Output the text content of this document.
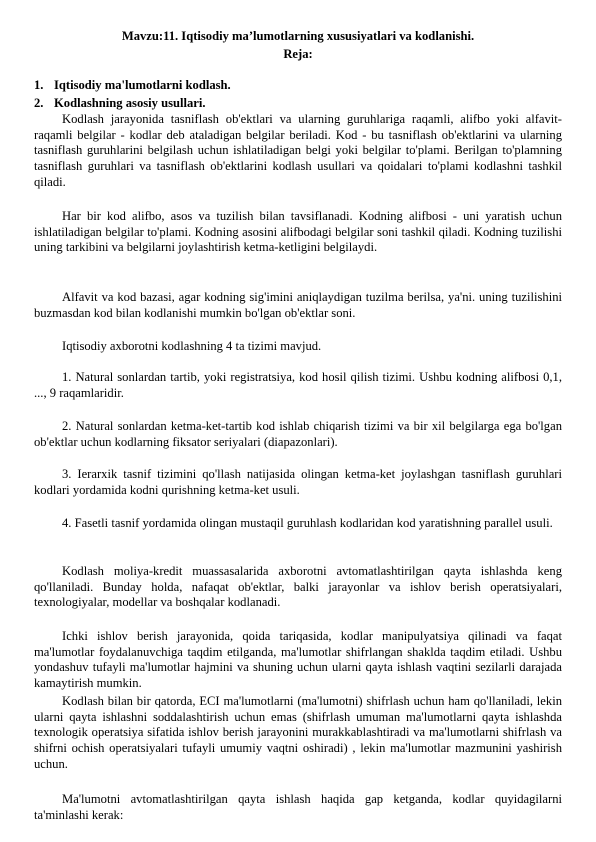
Mavzu:11. Iqtisodiy maʼlumotlarning xususiyatlari va kodlanishi.
Reja:
1. Iqtisodiy ma'lumotlarni kodlash.
2. Kodlashning asosiy usullari.

Kodlash jarayonida tasniflash ob'ektlari va ularning guruhlariga raqamli, alifbo yoki alfavit-raqamli belgilar - kodlar deb ataladigan belgilar beriladi. Kod - bu tasniflash ob'ektlarini va ularning tasniflash guruhlarini belgilash uchun ishlatiladigan belgi yoki belgilar to'plami. Berilgan to'plamning tasniflash guruhlari va tasniflash ob'ektlarini kodlash usullari va qoidalari to'plami kodlashni tashkil qiladi.

Har bir kod alifbo, asos va tuzilish bilan tavsiflanadi. Kodning alifbosi - uni yaratish uchun ishlatiladigan belgilar to'plami. Kodning asosini alifbodagi belgilar soni tashkil qiladi. Kodning tuzilishi uning tarkibini va belgilarni joylashtirish ketma-ketligini belgilaydi.

Alfavit va kod bazasi, agar kodning sig'imini aniqlaydigan tuzilma berilsa, ya'ni. uning tuzilishini buzmasdan kod bilan kodlanishi mumkin bo'lgan ob'ektlar soni.

Iqtisodiy axborotni kodlashning 4 ta tizimi mavjud.

1. Natural sonlardan tartib, yoki registratsiya, kod hosil qilish tizimi. Ushbu kodning alifbosi 0,1, ..., 9 raqamlaridir.

2. Natural sonlardan ketma-ket-tartib kod ishlab chiqarish tizimi va bir xil belgilarga ega bo'lgan ob'ektlar uchun kodlarning fiksator seriyalari (diapazonlari).

3. Ierarxik tasnif tizimini qo'llash natijasida olingan ketma-ket joylashgan tasniflash guruhlari kodlari yordamida kodni qurishning ketma-ket usuli.

4. Fasetli tasnif yordamida olingan mustaqil guruhlash kodlaridan kod yaratishning parallel usuli.

Kodlash moliya-kredit muassasalarida axborotni avtomatlashtirilgan qayta ishlashda keng qo'llaniladi. Bunday holda, nafaqat ob'ektlar, balki jarayonlar va ishlov berish operatsiyalari, texnologiyalar, modellar va boshqalar kodlanadi.

Ichki ishlov berish jarayonida, qoida tariqasida, kodlar manipulyatsiya qilinadi va faqat ma'lumotlar foydalanuvchiga taqdim etilganda, ma'lumotlar shifrlangan shaklda taqdim etiladi. Ushbu yondashuv tufayli ma'lumotlar hajmini va shuning uchun ularni qayta ishlash vaqtini sezilarli darajada kamaytirish mumkin.

Kodlash bilan bir qatorda, ECI ma'lumotlarni (ma'lumotni) shifrlash uchun ham qo'llaniladi, lekin ularni qayta ishlashni soddalashtirish uchun emas (shifrlash umuman ma'lumotlarni qayta ishlashda texnologik operatsiya sifatida ishlov berish jarayonini murakkablashtiradi va ma'lumotlarni shifrlash va shifrni ochish operatsiyalari tufayli umumiy vaqtni oshiradi) , lekin ma'lumotlar mazmunini yashirish uchun.

Ma'lumotni avtomatlashtirilgan qayta ishlash haqida gap ketganda, kodlar quyidagilarni ta'minlashi kerak:
